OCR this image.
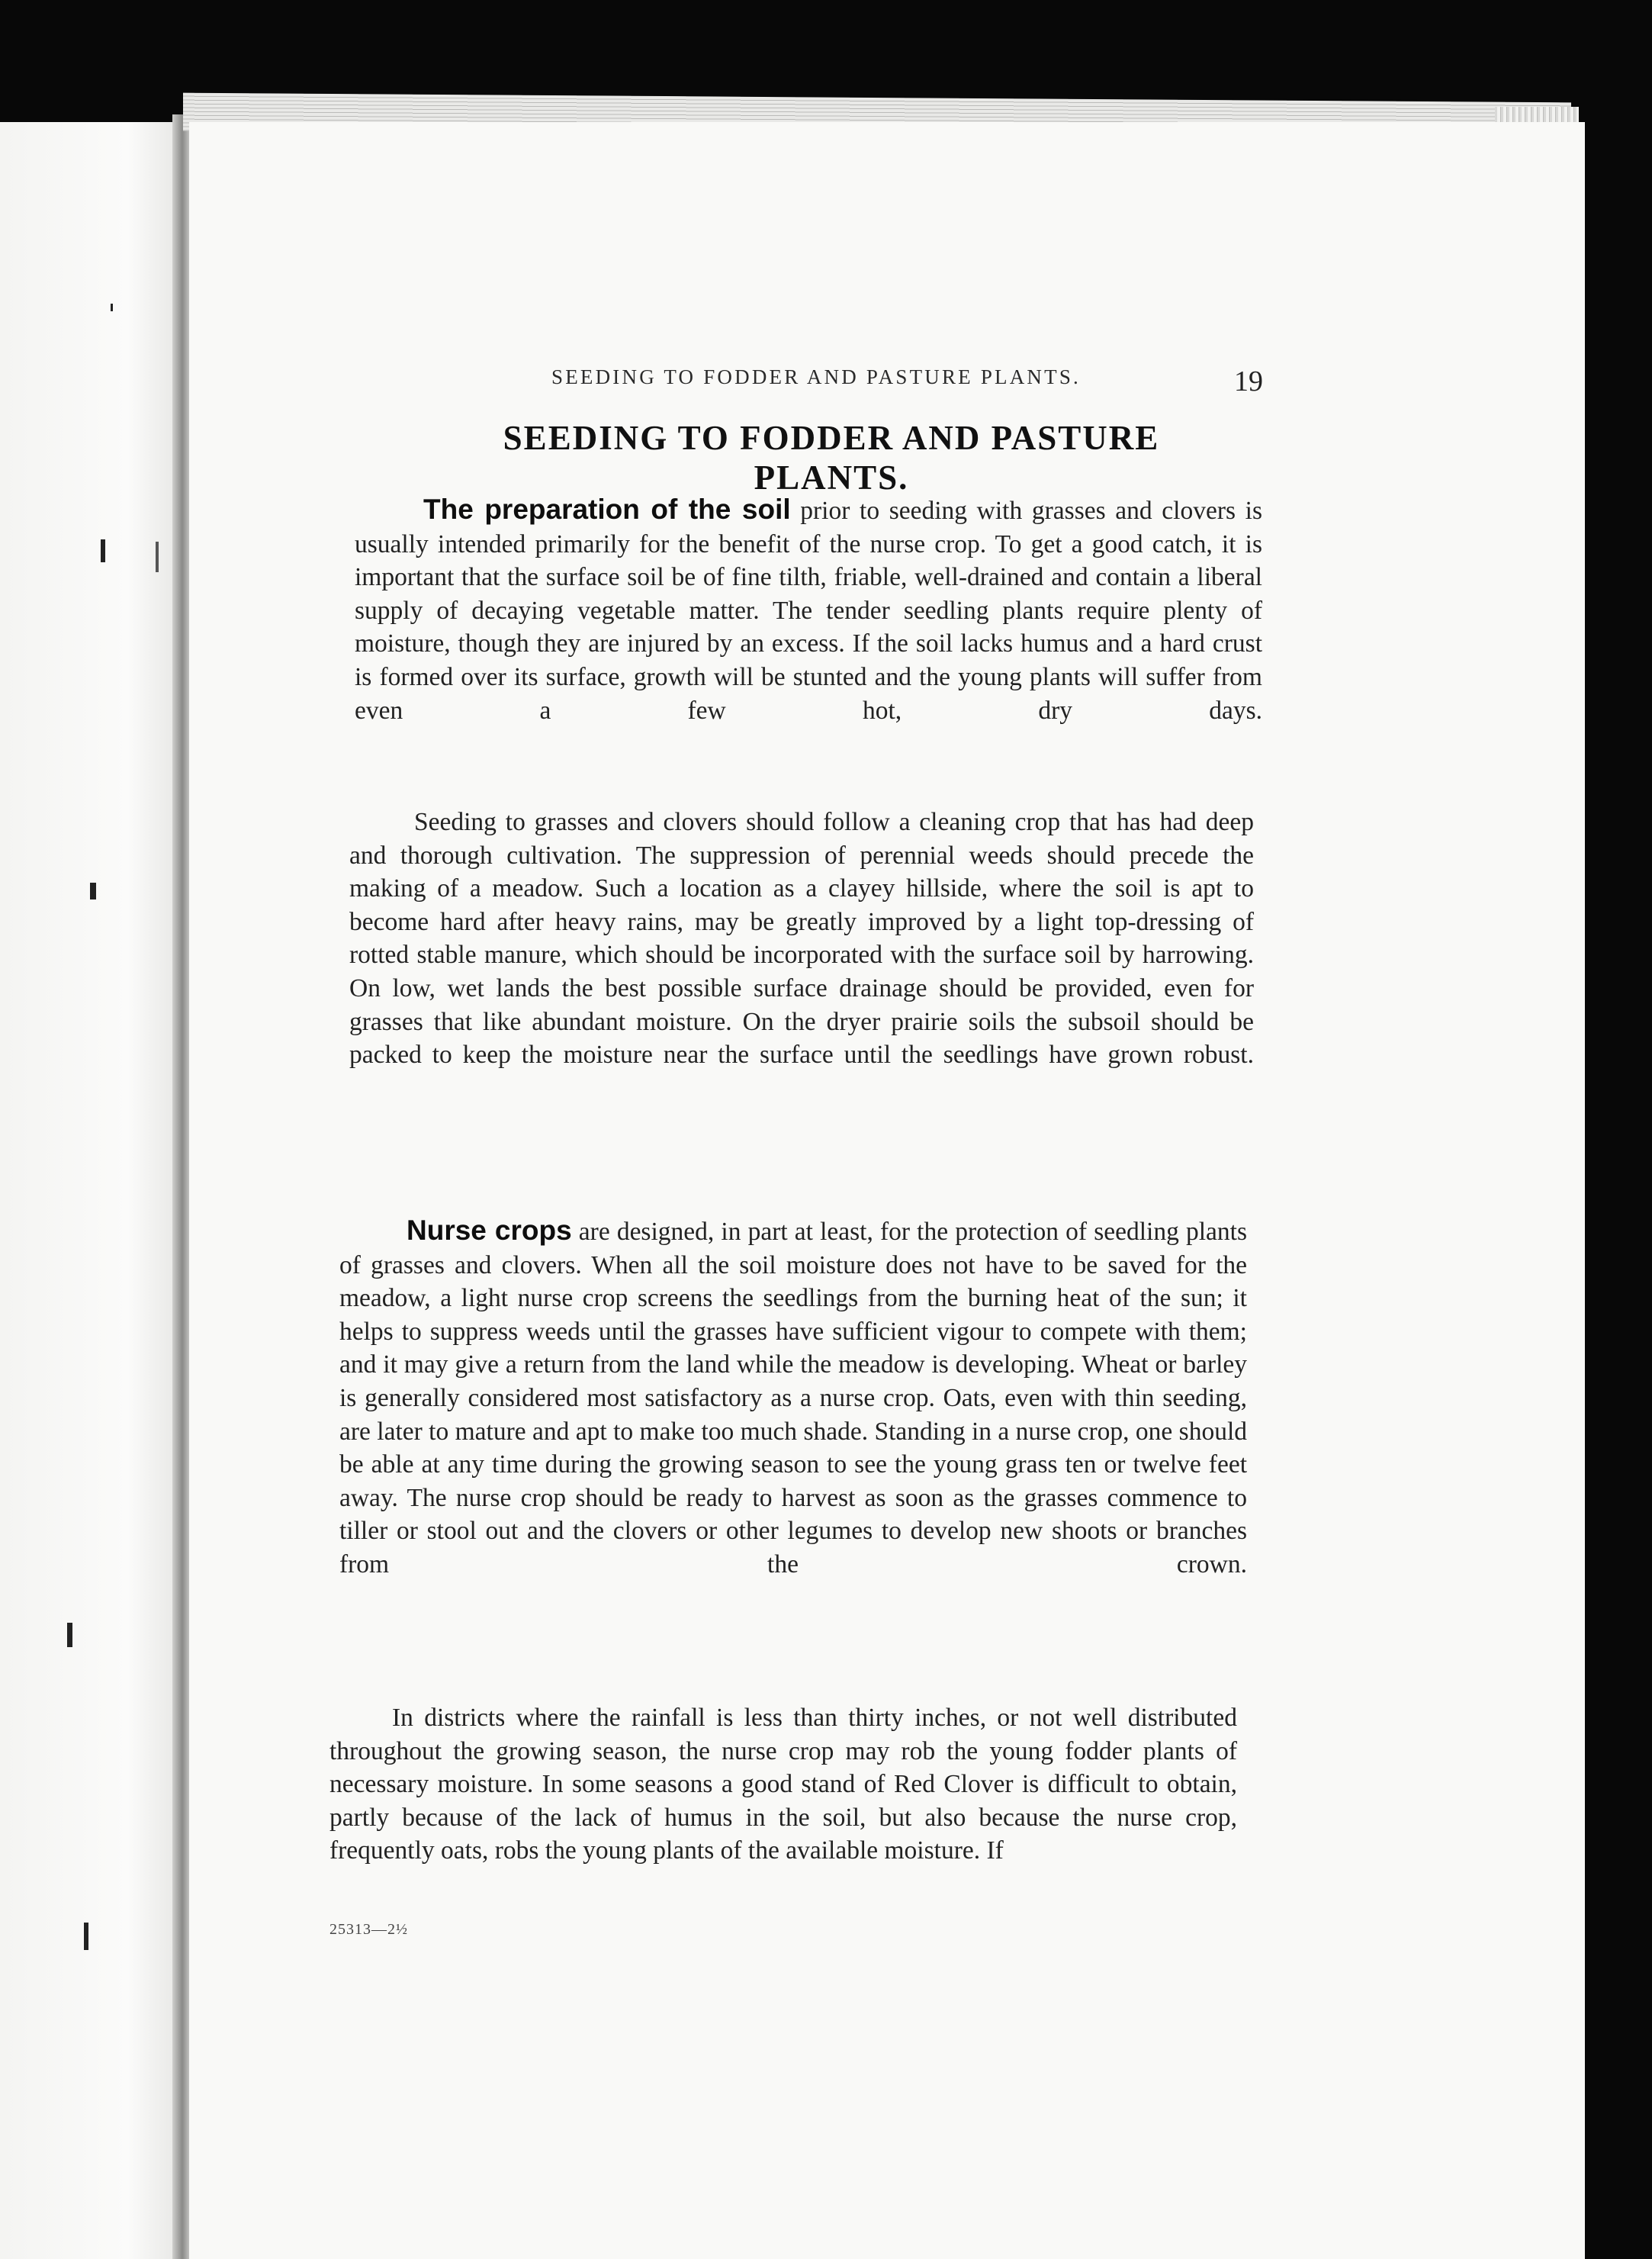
SEEDING TO FODDER AND PASTURE PLANTS.	19
SEEDING TO FODDER AND PASTURE PLANTS.

The preparation of the soil prior to seeding with grasses and clovers is usually intended primarily for the benefit of the nurse crop. To get a good catch, it is important that the surface soil be of fine tilth, friable, well-drained and contain a liberal supply of decaying vegetable matter. The tender seedling plants require plenty of moisture, though they are injured by an excess. If the soil lacks humus and a hard crust is formed over its surface, growth will be stunted and the young plants will suffer from even a few hot, dry days.

Seeding to grasses and clovers should follow a cleaning crop that has had deep and thorough cultivation. The suppression of perennial weeds should precede the making of a meadow. Such a location as a clayey hillside, where the soil is apt to become hard after heavy rains, may be greatly improved by a light top-dressing of rotted stable manure, which should be incorporated with the surface soil by harrowing. On low, wet lands the best possible surface drainage should be provided, even for grasses that like abundant moisture. On the dryer prairie soils the subsoil should be packed to keep the moisture near the surface until the seedlings have grown robust.

Nurse crops are designed, in part at least, for the protection of seedling plants of grasses and clovers. When all the soil moisture does not have to be saved for the meadow, a light nurse crop screens the seedlings from the burning heat of the sun; it helps to suppress weeds until the grasses have sufficient vigour to compete with them; and it may give a return from the land while the meadow is developing. Wheat or barley is generally considered most satisfactory as a nurse crop. Oats, even with thin seeding, are later to mature and apt to make too much shade. Standing in a nurse crop, one should be able at any time during the growing season to see the young grass ten or twelve feet away. The nurse crop should be ready to harvest as soon as the grasses commence to tiller or stool out and the clovers or other legumes to develop new shoots or branches from the crown.

In districts where the rainfall is less than thirty inches, or not well distributed throughout the growing season, the nurse crop may rob the young fodder plants of necessary moisture. In some seasons a good stand of Red Clover is difficult to obtain, partly because of the lack of humus in the soil, but also because the nurse crop, frequently oats, robs the young plants of the available moisture. If

25313—2½
